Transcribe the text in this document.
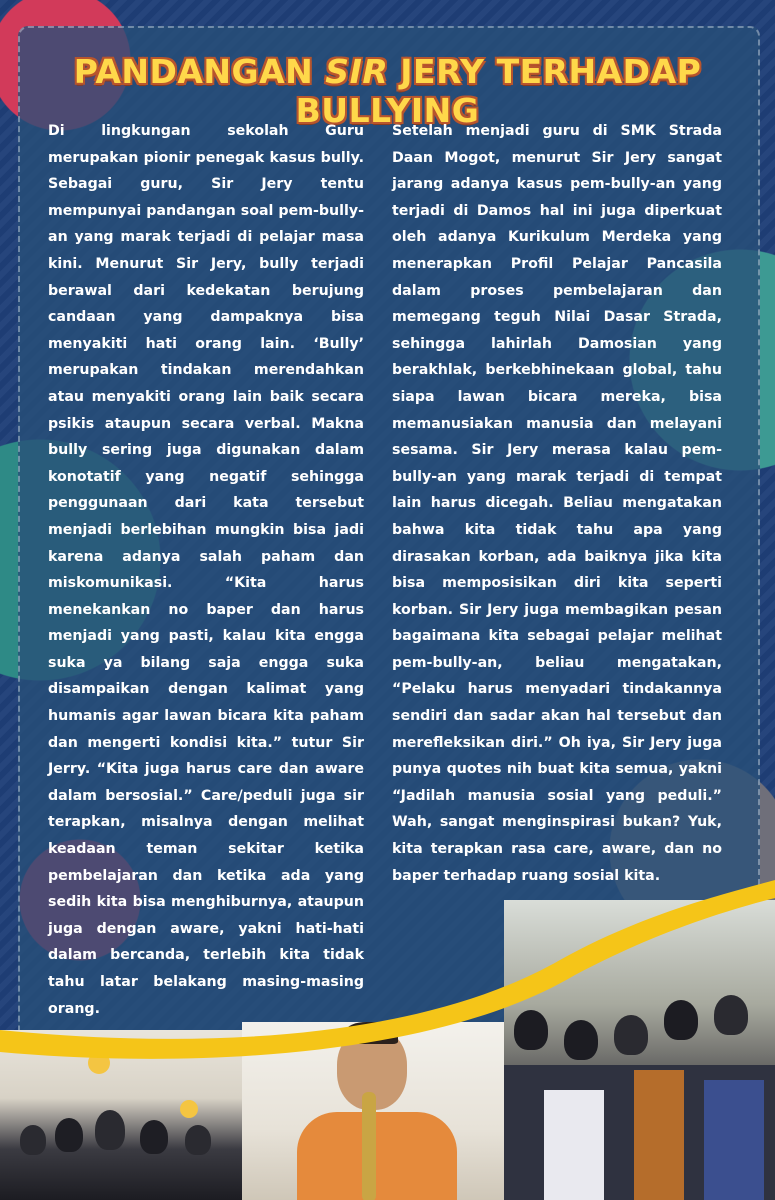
PANDANGAN SIR JERY TERHADAP BULLYING

Di lingkungan sekolah Guru merupakan pionir penegak kasus bully. Sebagai guru, Sir Jery tentu mempunyai pandangan soal pem-bully-an yang marak terjadi di pelajar masa kini. Menurut Sir Jery, bully terjadi berawal dari kedekatan berujung candaan yang dampaknya bisa menyakiti hati orang lain. ‘Bully’ merupakan tindakan merendahkan atau menyakiti orang lain baik secara psikis ataupun secara verbal. Makna bully sering juga digunakan dalam konotatif yang negatif sehingga penggunaan dari kata tersebut menjadi berlebihan mungkin bisa jadi karena adanya salah paham dan miskomunikasi. “Kita harus menekankan no baper dan harus menjadi yang pasti, kalau kita engga suka ya bilang saja engga suka disampaikan dengan kalimat yang humanis agar lawan bicara kita paham dan mengerti kondisi kita.” tutur Sir Jerry. “Kita juga harus care dan aware dalam bersosial.” Care/peduli juga sir terapkan, misalnya dengan melihat keadaan teman sekitar ketika pembelajaran dan ketika ada yang sedih kita bisa menghiburnya, ataupun juga dengan aware, yakni hati-hati dalam bercanda, terlebih kita tidak tahu latar belakang masing-masing orang.

Setelah menjadi guru di SMK Strada Daan Mogot, menurut Sir Jery sangat jarang adanya kasus pem-bully-an yang terjadi di Damos hal ini juga diperkuat oleh adanya Kurikulum Merdeka yang menerapkan Profil Pelajar Pancasila dalam proses pembelajaran dan memegang teguh Nilai Dasar Strada, sehingga lahirlah Damosian yang berakhlak, berkebhinekaan global, tahu siapa lawan bicara mereka, bisa memanusiakan manusia dan melayani sesama. Sir Jery merasa kalau pem-bully-an yang marak terjadi di tempat lain harus dicegah. Beliau mengatakan bahwa kita tidak tahu apa yang dirasakan korban, ada baiknya jika kita bisa memposisikan diri kita seperti korban. Sir Jery juga membagikan pesan bagaimana kita sebagai pelajar melihat pem-bully-an, beliau mengatakan, “Pelaku harus menyadari tindakannya sendiri dan sadar akan hal tersebut dan merefleksikan diri.” Oh iya, Sir Jery juga punya quotes nih buat kita semua, yakni “Jadilah manusia sosial yang peduli.” Wah, sangat menginspirasi bukan? Yuk, kita terapkan rasa care, aware, dan no baper terhadap ruang sosial kita.
